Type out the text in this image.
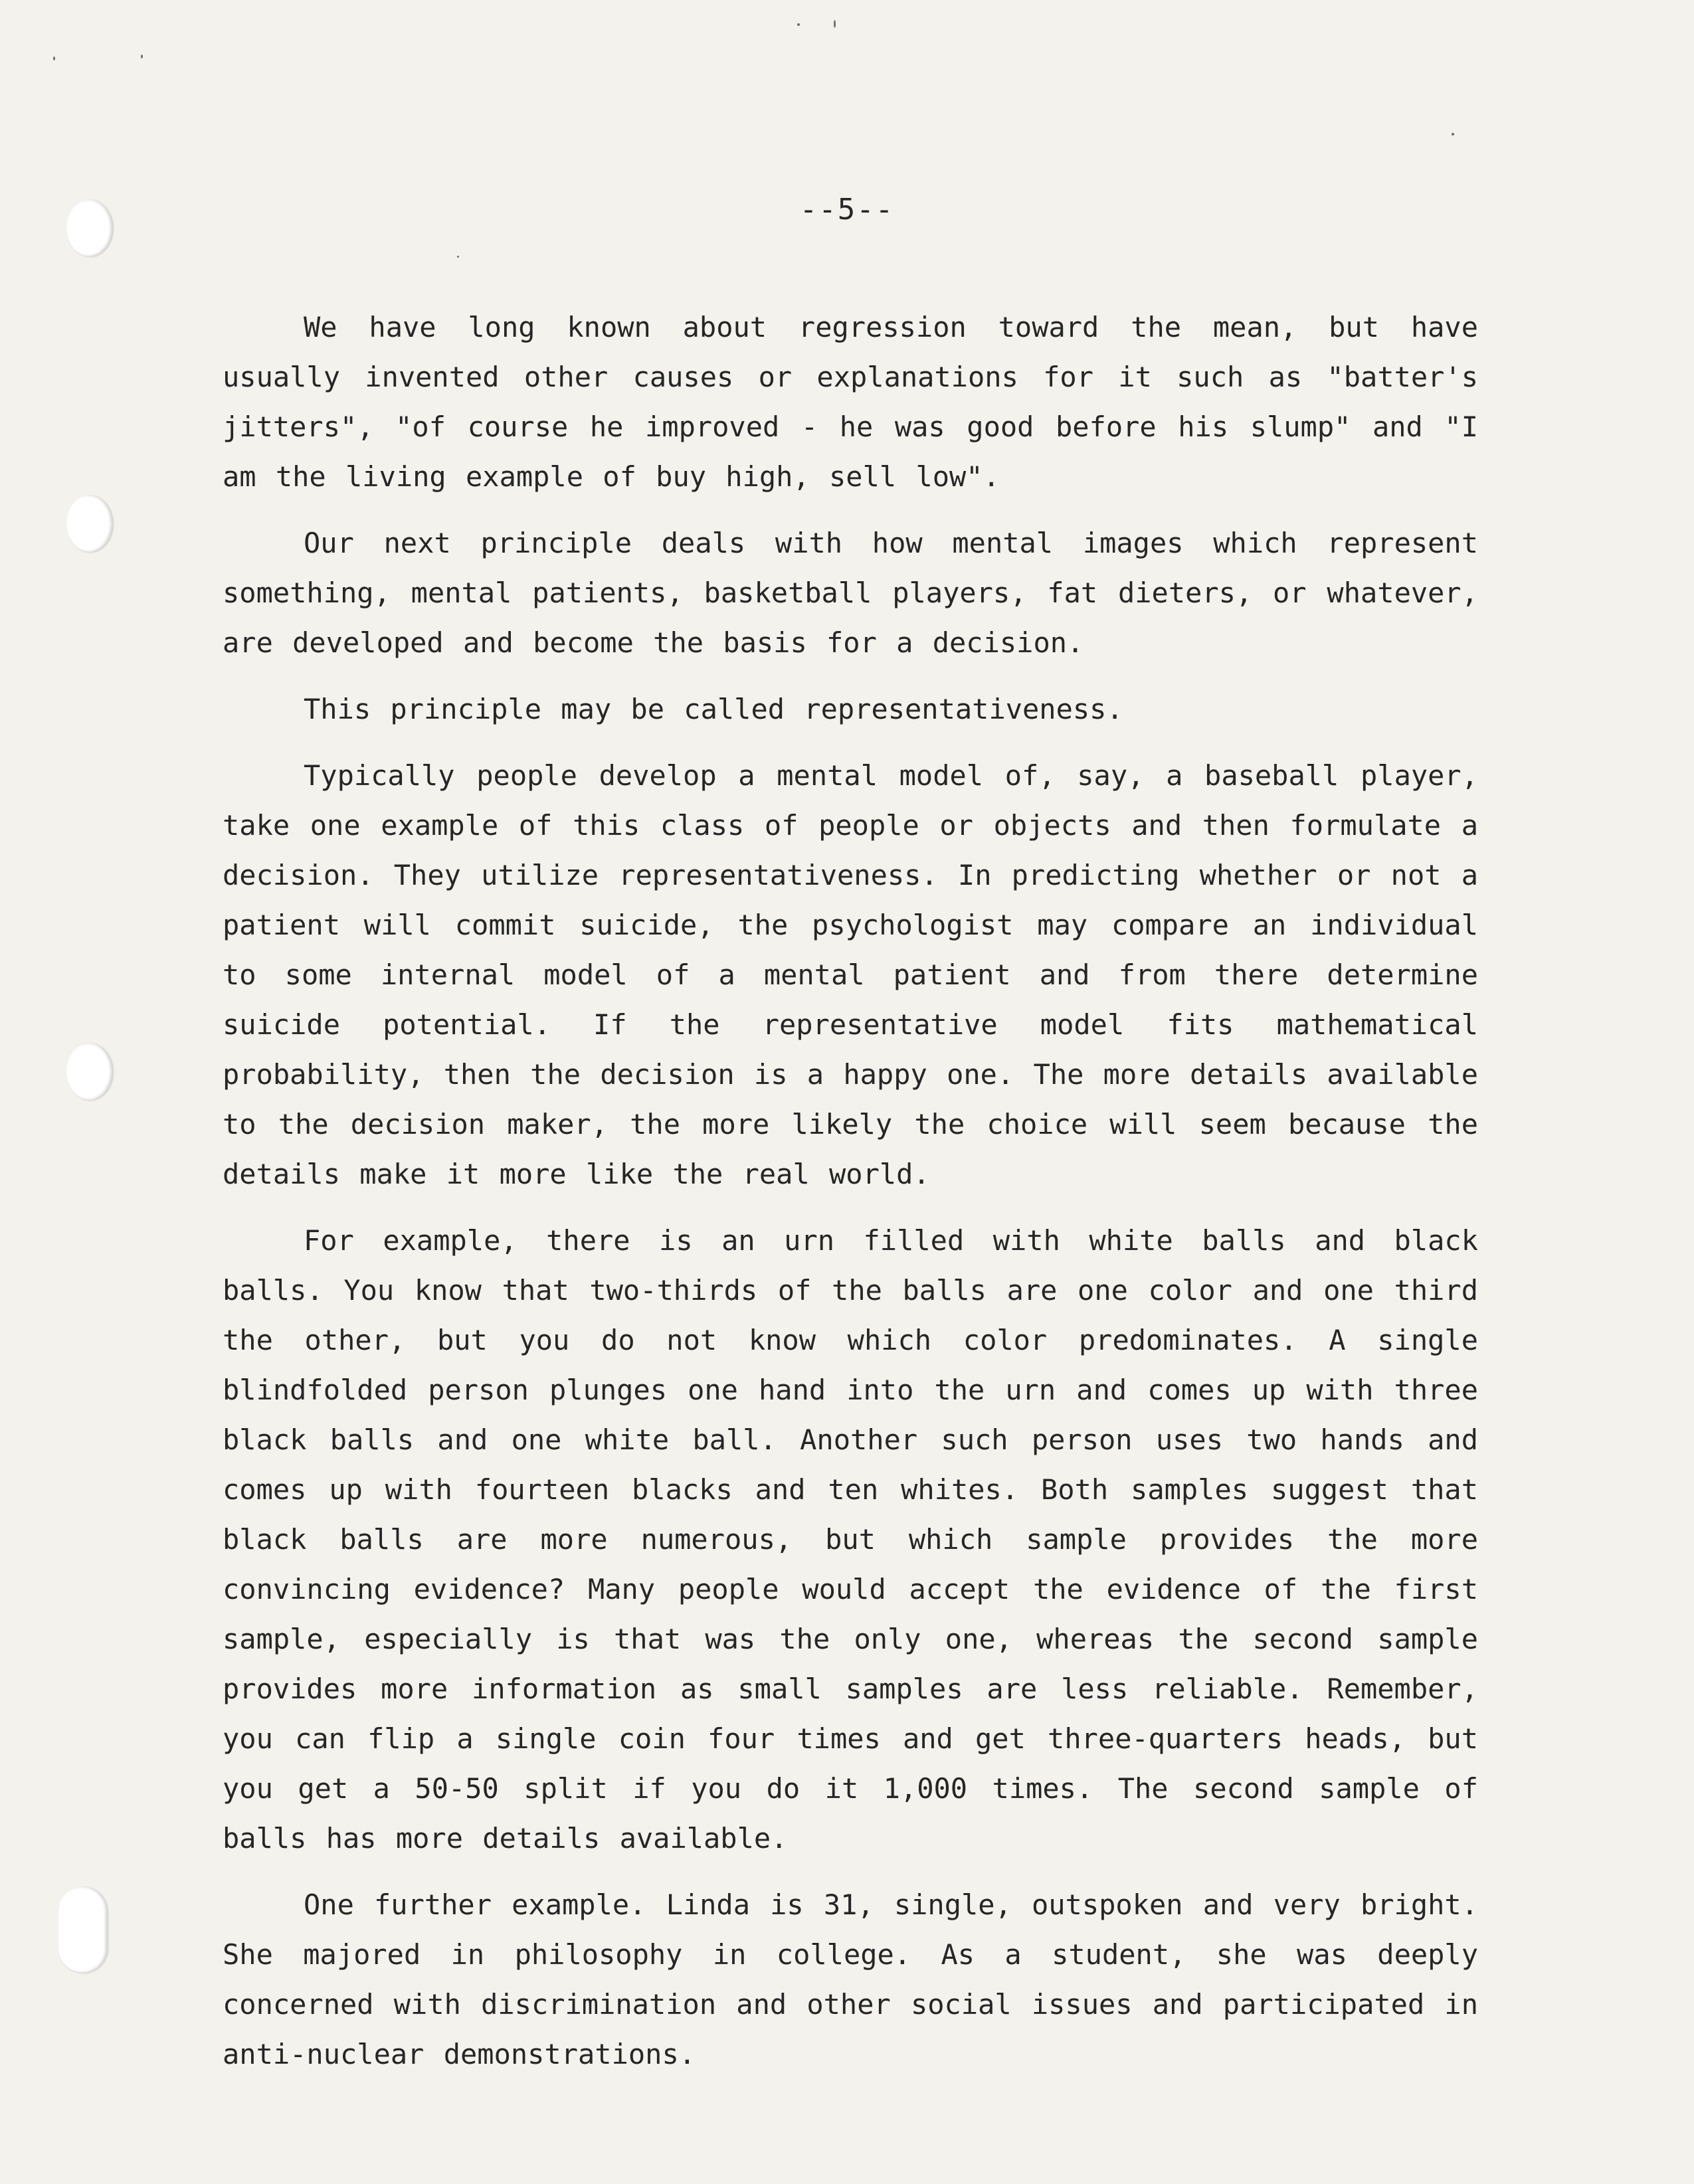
--5--

We have long known about regression toward the mean, but have usually invented other causes or explanations for it such as "batter's jitters", "of course he improved - he was good before his slump" and "I am the living example of buy high, sell low".

Our next principle deals with how mental images which represent something, mental patients, basketball players, fat dieters, or whatever, are developed and become the basis for a decision.

This principle may be called representativeness.

Typically people develop a mental model of, say, a baseball player, take one example of this class of people or objects and then formulate a decision. They utilize representativeness. In predicting whether or not a patient will commit suicide, the psychologist may compare an individual to some internal model of a mental patient and from there determine suicide potential. If the representative model fits mathematical probability, then the decision is a happy one. The more details available to the decision maker, the more likely the choice will seem because the details make it more like the real world.

For example, there is an urn filled with white balls and black balls. You know that two-thirds of the balls are one color and one third the other, but you do not know which color predominates. A single blindfolded person plunges one hand into the urn and comes up with three black balls and one white ball. Another such person uses two hands and comes up with fourteen blacks and ten whites. Both samples suggest that black balls are more numerous, but which sample provides the more convincing evidence? Many people would accept the evidence of the first sample, especially is that was the only one, whereas the second sample provides more information as small samples are less reliable. Remember, you can flip a single coin four times and get three-quarters heads, but you get a 50-50 split if you do it 1,000 times. The second sample of balls has more details available.

One further example. Linda is 31, single, outspoken and very bright. She majored in philosophy in college. As a student, she was deeply concerned with discrimination and other social issues and participated in anti-nuclear demonstrations.
